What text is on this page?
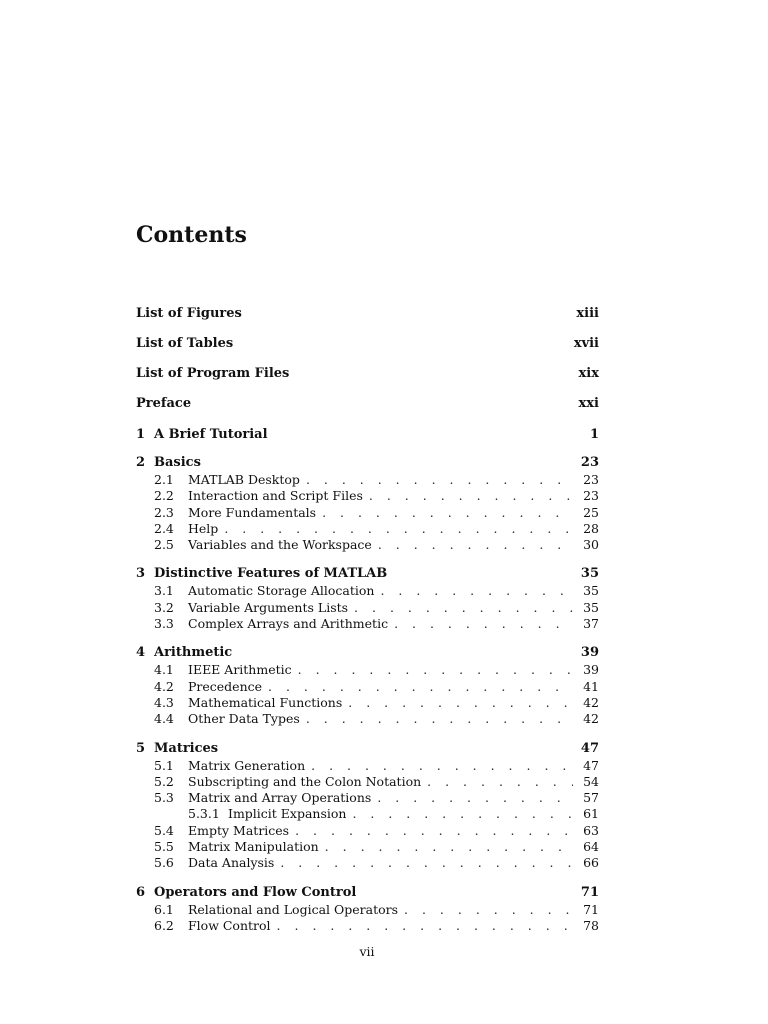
Contents
List of Figures	xiii
List of Tables	xvii
List of Program Files	xix
Preface	xxi
1 A Brief Tutorial	1
2 Basics	23
2.1	MATLAB Desktop . . .	23
2.2	Interaction and Script Files . . .	23
2.3	More Fundamentals . . .	25
2.4	Help . . .	28
2.5	Variables and the Workspace . . .	30
3 Distinctive Features of MATLAB	35
3.1	Automatic Storage Allocation . . .	35
3.2	Variable Arguments Lists . . .	35
3.3	Complex Arrays and Arithmetic . . .	37
4 Arithmetic	39
4.1	IEEE Arithmetic . . .	39
4.2	Precedence . . .	41
4.3	Mathematical Functions . . .	42
4.4	Other Data Types . . .	42
5 Matrices	47
5.1	Matrix Generation . . .	47
5.2	Subscripting and the Colon Notation . . .	54
5.3	Matrix and Array Operations . . .	57
5.3.1 Implicit Expansion . . .	61
5.4	Empty Matrices . . .	63
5.5	Matrix Manipulation . . .	64
5.6	Data Analysis . . .	66
6 Operators and Flow Control	71
6.1	Relational and Logical Operators . . .	71
6.2	Flow Control . . .	78
vii
